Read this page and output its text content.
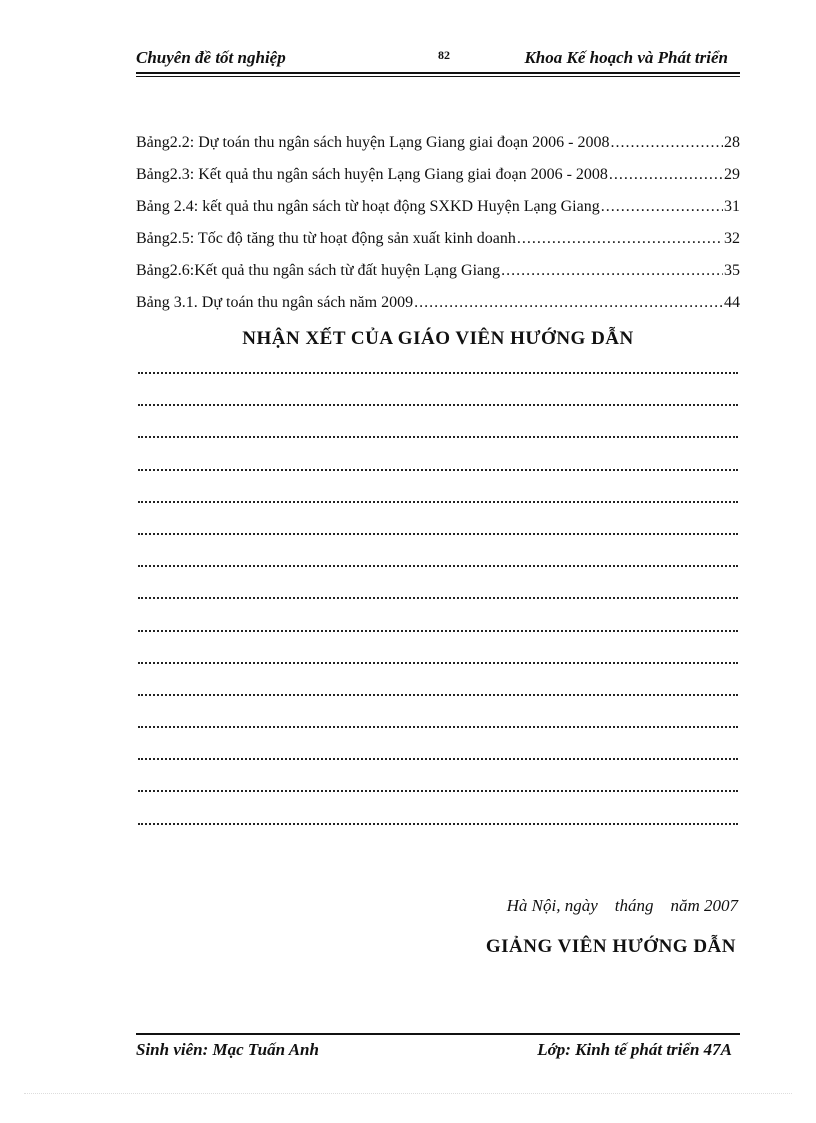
Chuyên đề tốt nghiệp	82	Khoa Kế hoạch và Phát triển
Bảng2.2: Dự toán thu ngân sách huyện Lạng Giang giai đoạn 2006 - 2008 .....	28
Bảng2.3: Kết quả thu ngân sách huyện Lạng Giang giai đoạn 2006 - 2008 .....	29
Bảng 2.4: kết quả thu ngân sách từ hoạt động SXKD Huyện Lạng Giang .....	31
Bảng2.5: Tốc độ tăng thu từ hoạt động sản xuất kinh doanh .....	32
Bảng2.6:Kết quả thu ngân sách từ đất huyện Lạng Giang .....	35
Bảng 3.1. Dự toán thu ngân sách năm 2009 .....	44
NHẬN XẾT CỦA GIÁO VIÊN HƯỚNG DẪN
Hà Nội, ngày    tháng    năm 2007
GIẢNG VIÊN HƯỚNG DẪN
Sinh viên: Mạc Tuấn Anh	Lớp: Kinh tế phát triển 47A
